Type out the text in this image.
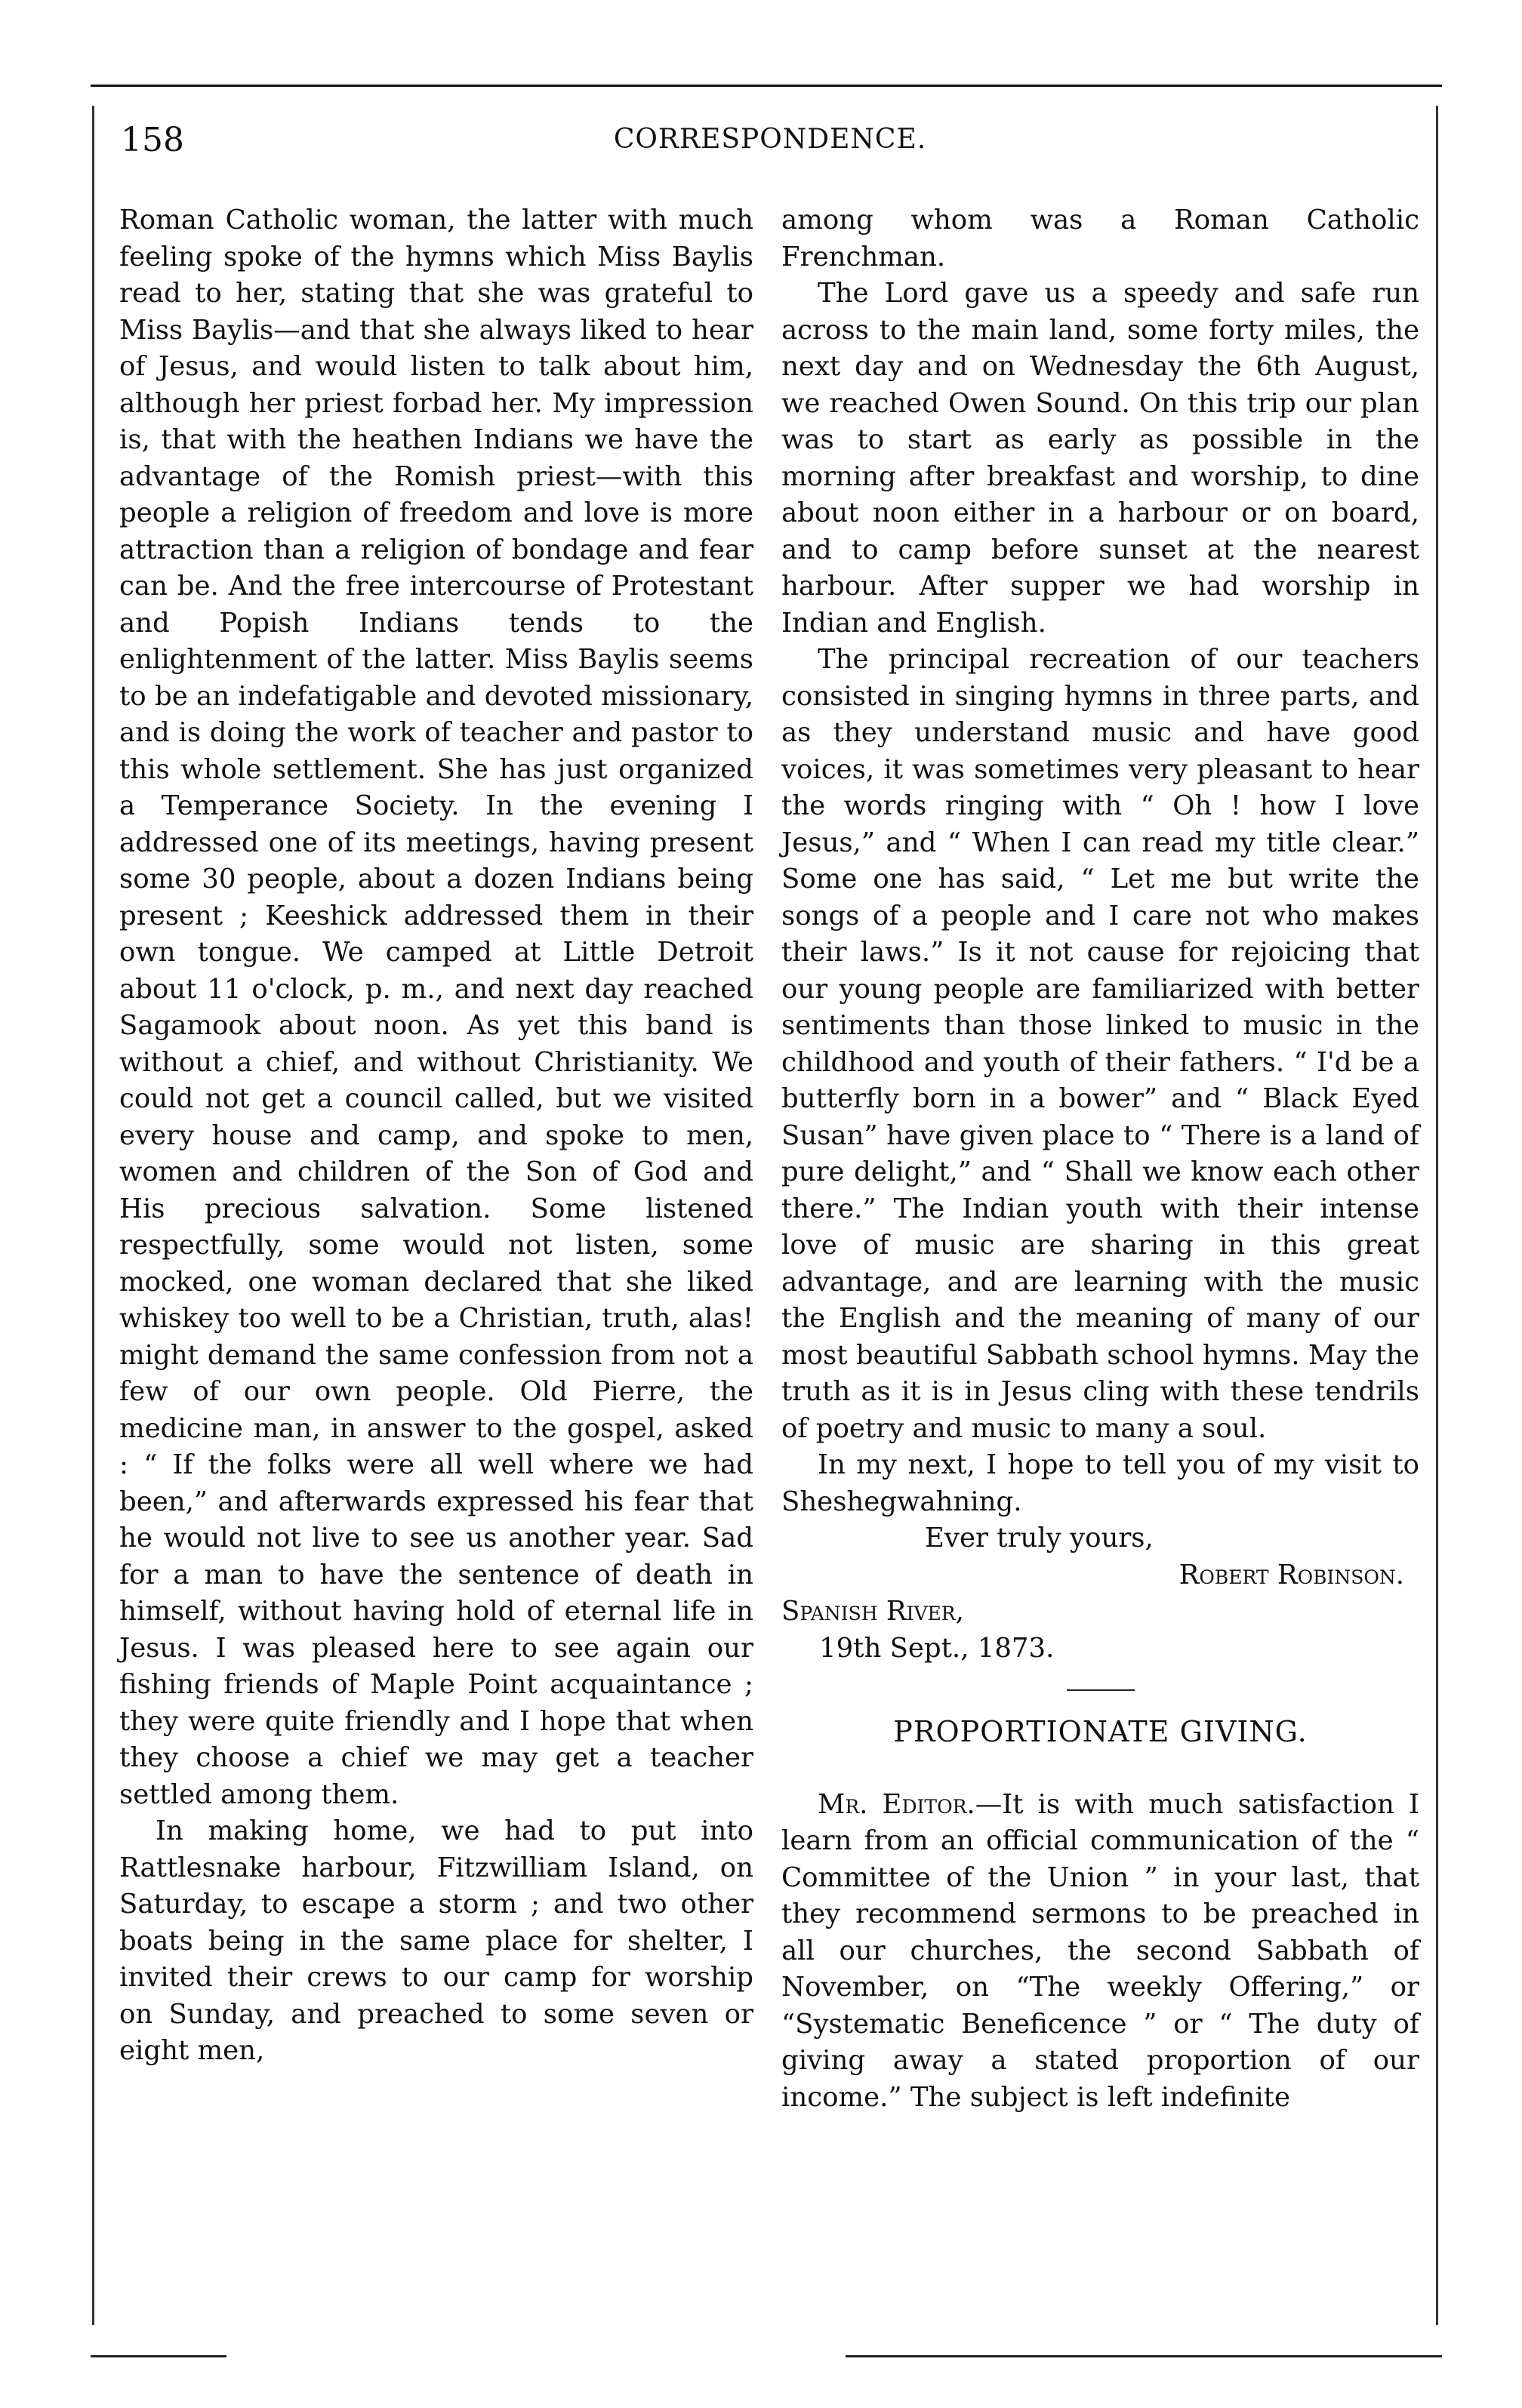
158	CORRESPONDENCE.

Roman Catholic woman, the latter with much feeling spoke of the hymns which Miss Baylis read to her, stating that she was grateful to Miss Baylis—and that she always liked to hear of Jesus, and would listen to talk about him, although her priest forbad her. My impression is, that with the heathen Indians we have the advantage of the Romish priest—with this people a religion of freedom and love is more attraction than a religion of bondage and fear can be. And the free intercourse of Protestant and Popish Indians tends to the enlightenment of the latter. Miss Baylis seems to be an indefatigable and devoted missionary, and is doing the work of teacher and pastor to this whole settlement. She has just organized a Temperance Society. In the evening I addressed one of its meetings, having present some 30 people, about a dozen Indians being present ; Keeshick addressed them in their own tongue. We camped at Little Detroit about 11 o'clock, p. m., and next day reached Sagamook about noon. As yet this band is without a chief, and without Christianity. We could not get a council called, but we visited every house and camp, and spoke to men, women and children of the Son of God and His precious salvation. Some listened respectfully, some would not listen, some mocked, one woman declared that she liked whiskey too well to be a Christian, truth, alas! might demand the same confession from not a few of our own people. Old Pierre, the medicine man, in answer to the gospel, asked : “ If the folks were all well where we had been,” and afterwards expressed his fear that he would not live to see us another year. Sad for a man to have the sentence of death in himself, without having hold of eternal life in Jesus. I was pleased here to see again our fishing friends of Maple Point acquaintance ; they were quite friendly and I hope that when they choose a chief we may get a teacher settled among them.

In making home, we had to put into Rattlesnake harbour, Fitzwilliam Island, on Saturday, to escape a storm ; and two other boats being in the same place for shelter, I invited their crews to our camp for worship on Sunday, and preached to some seven or eight men,

among whom was a Roman Catholic Frenchman.

The Lord gave us a speedy and safe run across to the main land, some forty miles, the next day and on Wednesday the 6th August, we reached Owen Sound. On this trip our plan was to start as early as possible in the morning after breakfast and worship, to dine about noon either in a harbour or on board, and to camp before sunset at the nearest harbour. After supper we had worship in Indian and English.

The principal recreation of our teachers consisted in singing hymns in three parts, and as they understand music and have good voices, it was sometimes very pleasant to hear the words ringing with “ Oh ! how I love Jesus,” and “ When I can read my title clear.” Some one has said, “ Let me but write the songs of a people and I care not who makes their laws.” Is it not cause for rejoicing that our young people are familiarized with better sentiments than those linked to music in the childhood and youth of their fathers. “ I'd be a butterfly born in a bower” and “ Black Eyed Susan” have given place to “ There is a land of pure delight,” and “ Shall we know each other there.” The Indian youth with their intense love of music are sharing in this great advantage, and are learning with the music the English and the meaning of many of our most beautiful Sabbath school hymns. May the truth as it is in Jesus cling with these tendrils of poetry and music to many a soul.

In my next, I hope to tell you of my visit to Sheshegwahning.

Ever truly yours,

Robert Robinson.

Spanish River,

19th Sept., 1873.

PROPORTIONATE GIVING.

Mr. Editor.—It is with much satisfaction I learn from an official communication of the “ Committee of the Union ” in your last, that they recommend sermons to be preached in all our churches, the second Sabbath of November, on “The weekly Offering,” or “Systematic Beneficence ” or “ The duty of giving away a stated proportion of our income.” The subject is left indefinite
